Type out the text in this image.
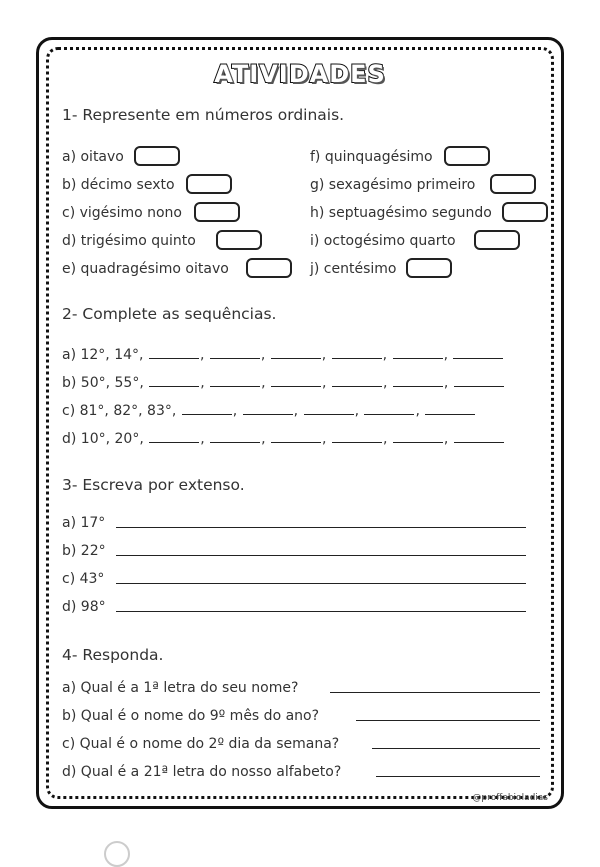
ATIVIDADES
1- Represente em números ordinais.
a) oitavo
b) décimo sexto
c) vigésimo nono
d) trigésimo quinto
e) quadragésimo oitavo
f) quinquagésimo
g) sexagésimo primeiro
h) septuagésimo segundo
i) octogésimo quarto
j) centésimo
2- Complete as sequências.
a) 12°, 14°,	,	,	,	,	,
b) 50°, 55°,	,	,	,	,	,
c) 81°, 82°, 83°,	,	,	,	,
d) 10°, 20°,	,	,	,	,	,
3- Escreva por extenso.
a) 17°
b) 22°
c) 43°
d) 98°
4- Responda.
a) Qual é a 1ª letra do seu nome?
b) Qual é o nome do 9º mês do ano?
c) Qual é o nome do 2º dia da semana?
d) Qual é a 21ª letra do nosso alfabeto?
@proffabioladias
